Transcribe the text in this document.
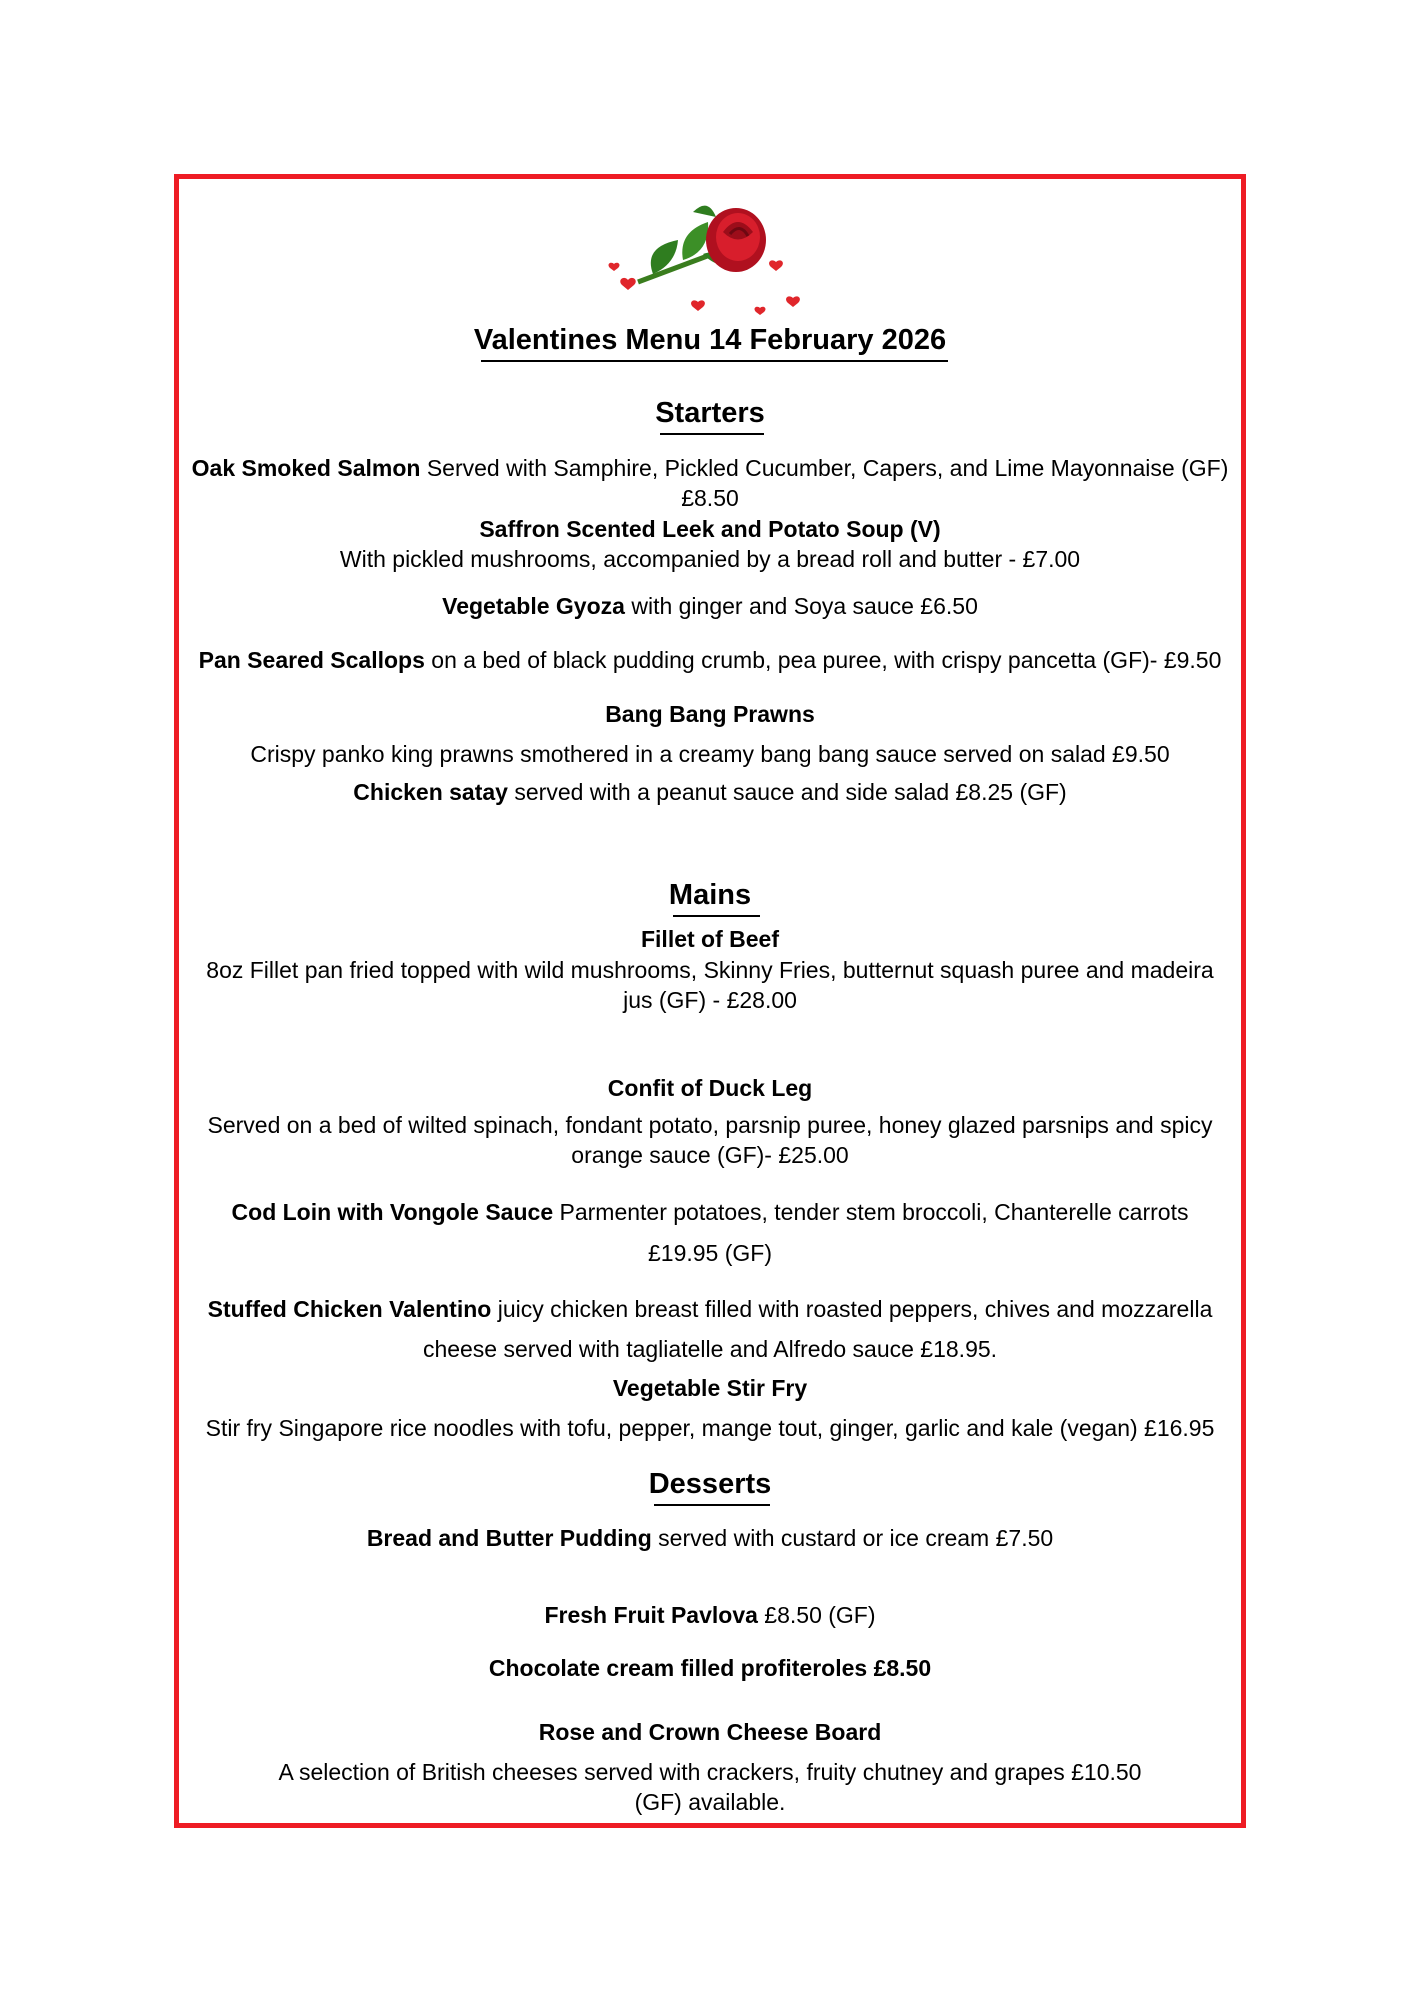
Valentines Menu 14 February 2026
Starters
Oak Smoked Salmon Served with Samphire, Pickled Cucumber, Capers, and Lime Mayonnaise (GF)
£8.50
Saffron Scented Leek and Potato Soup (V)
With pickled mushrooms, accompanied by a bread roll and butter - £7.00
Vegetable Gyoza with ginger and Soya sauce £6.50
Pan Seared Scallops on a bed of black pudding crumb, pea puree, with crispy pancetta (GF)- £9.50
Bang Bang Prawns
Crispy panko king prawns smothered in a creamy bang bang sauce served on salad £9.50
Chicken satay served with a peanut sauce and side salad £8.25 (GF)
Mains
Fillet of Beef
8oz Fillet pan fried topped with wild mushrooms, Skinny Fries, butternut squash puree and madeira
jus (GF) - £28.00
Confit of Duck Leg
Served on a bed of wilted spinach, fondant potato, parsnip puree, honey glazed parsnips and spicy
orange sauce (GF)- £25.00
Cod Loin with Vongole Sauce Parmenter potatoes, tender stem broccoli, Chanterelle carrots
£19.95 (GF)
Stuffed Chicken Valentino juicy chicken breast filled with roasted peppers, chives and mozzarella
cheese served with tagliatelle and Alfredo sauce £18.95.
Vegetable Stir Fry
Stir fry Singapore rice noodles with tofu, pepper, mange tout, ginger, garlic and kale (vegan) £16.95
Desserts
Bread and Butter Pudding served with custard or ice cream £7.50
Fresh Fruit Pavlova £8.50 (GF)
Chocolate cream filled profiteroles £8.50
Rose and Crown Cheese Board
A selection of British cheeses served with crackers, fruity chutney and grapes £10.50
(GF) available.
